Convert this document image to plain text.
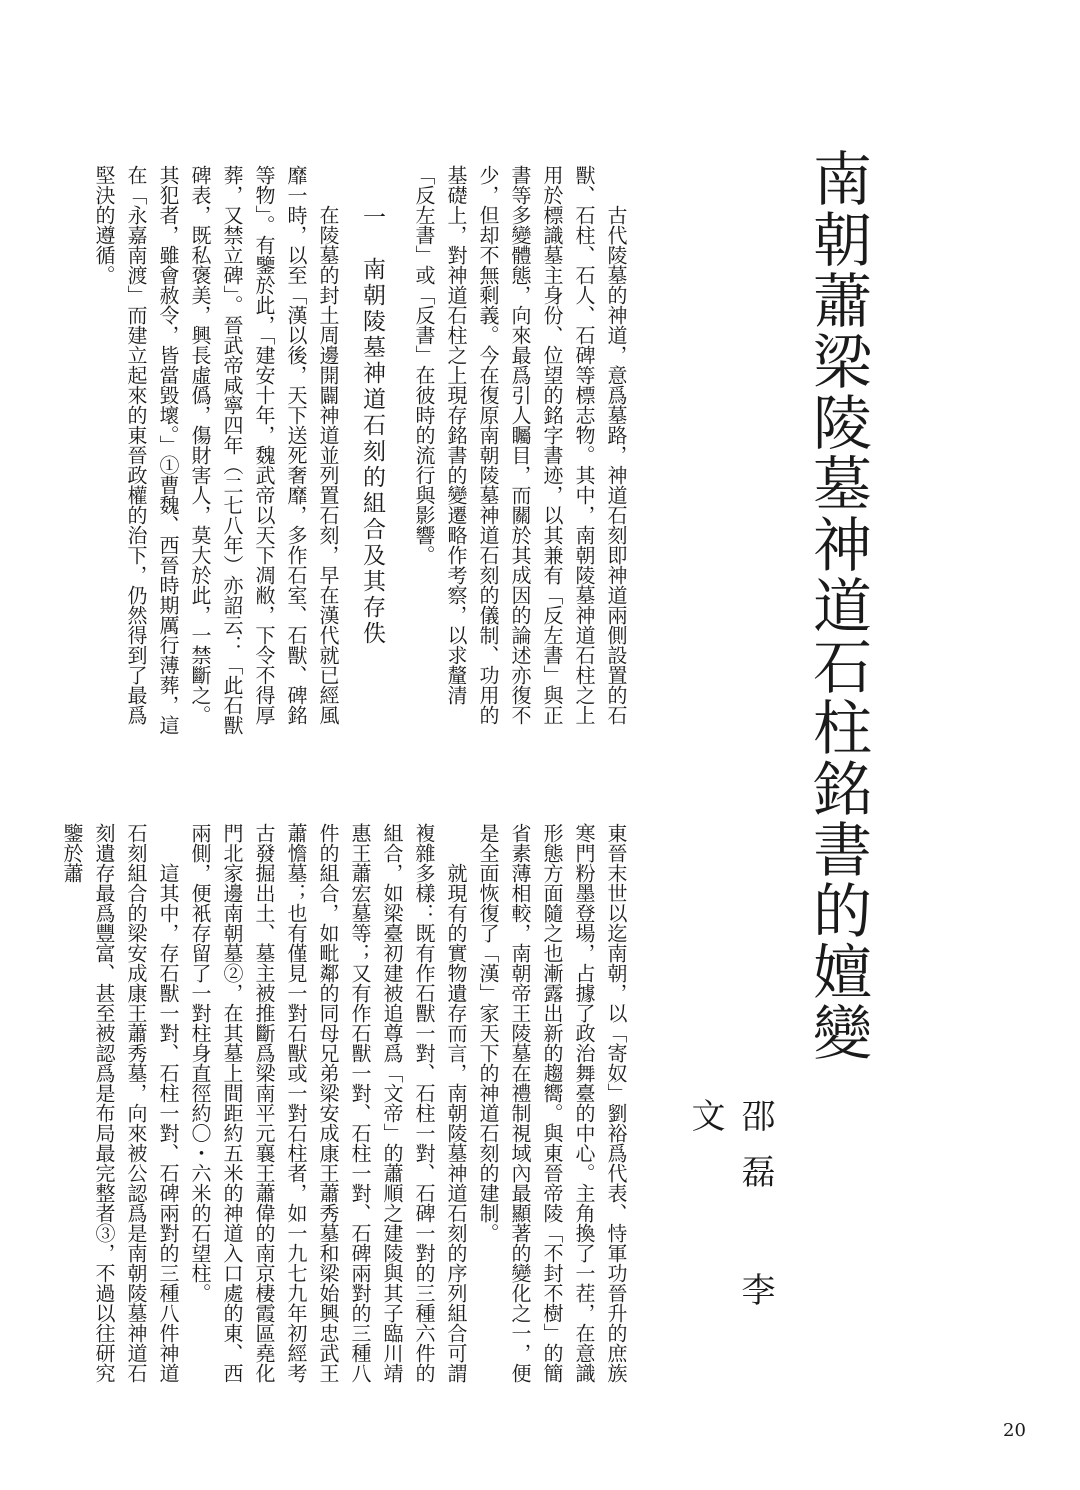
南朝蕭梁陵墓神道石柱銘書的嬗變
邵磊 李文

古代陵墓的神道，意爲墓路，神道石刻即神道兩側設置的石獸、石柱、石人、石碑等標志物。其中，南朝陵墓神道石柱之上用於標識墓主身份、位望的銘字書迹，以其兼有「反左書」與正書等多變體態，向來最爲引人矚目，而關於其成因的論述亦復不少，但却不無剩義。今在復原南朝陵墓神道石刻的儀制、功用的基礎上，對神道石柱之上現存銘書的變遷略作考察，以求釐清「反左書」或「反書」在彼時的流行與影響。

一　南朝陵墓神道石刻的組合及其存佚

在陵墓的封土周邊開闢神道並列置石刻，早在漢代就已經風靡一時，以至「漢以後，天下送死奢靡，多作石室、石獸、碑銘等物」。有鑒於此，「建安十年，魏武帝以天下凋敝，下令不得厚葬，又禁立碑」。晉武帝咸寧四年（二七八年）亦詔云：「此石獸碑表，既私褒美，興長虛僞，傷財害人，莫大於此，一禁斷之。其犯者，雖會赦令，皆當毀壞。」①曹魏、西晉時期厲行薄葬，這在「永嘉南渡」而建立起來的東晉政權的治下，仍然得到了最爲堅決的遵循。

東晉末世以迄南朝，以「寄奴」劉裕爲代表、恃軍功晉升的庶族寒門粉墨登場，占據了政治舞臺的中心。主角換了一茬，在意識形態方面隨之也漸露出新的趨嚮。與東晉帝陵「不封不樹」的簡省素薄相較，南朝帝王陵墓在禮制視域內最顯著的變化之一，便是全面恢復了「漢」家天下的神道石刻的建制。

就現有的實物遺存而言，南朝陵墓神道石刻的序列組合可謂複雜多樣：既有作石獸一對、石柱一對、石碑一對的三種六件的組合，如梁臺初建被追尊爲「文帝」的蕭順之建陵與其子臨川靖惠王蕭宏墓等；又有作石獸一對、石柱一對、石碑兩對的三種八件的組合，如毗鄰的同母兄弟梁安成康王蕭秀墓和梁始興忠武王蕭憺墓；也有僅見一對石獸或一對石柱者，如一九七九年初經考古發掘出土、墓主被推斷爲梁南平元襄王蕭偉的南京棲霞區堯化門北家邊南朝墓②，在其墓上間距約五米的神道入口處的東、西兩側，便衹存留了一對柱身直徑約〇・六米的石望柱。

這其中，存石獸一對、石柱一對、石碑兩對的三種八件神道石刻組合的梁安成康王蕭秀墓，向來被公認爲是南朝陵墓神道石刻遺存最爲豐富、甚至被認爲是布局最完整者③，不過以往研究鑒於蕭

20
